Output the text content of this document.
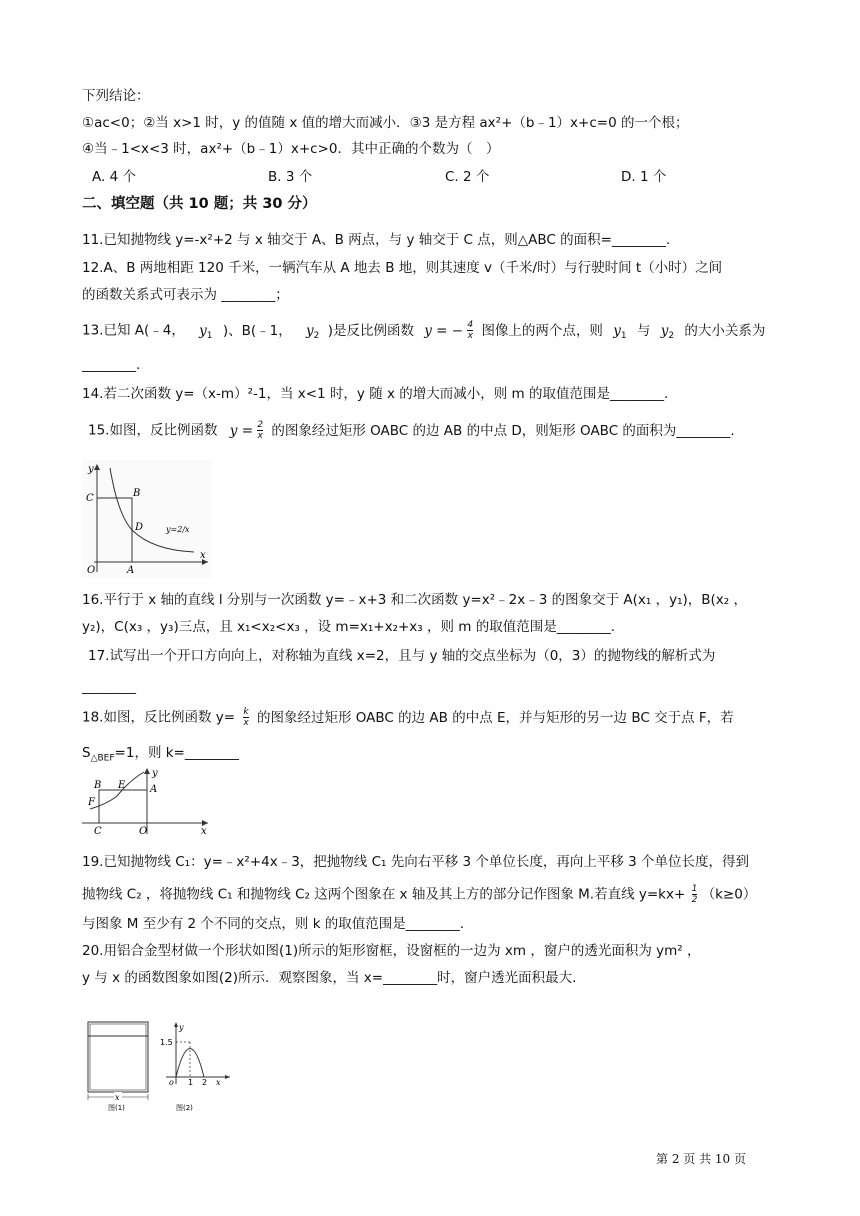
下列结论：
①ac<0；②当 x>1 时，y 的值随 x 值的增大而减小．③3 是方程 ax²+（b﹣1）x+c=0 的一个根；
④当﹣1<x<3 时，ax²+（b﹣1）x+c>0．其中正确的个数为（　）
A. 4 个	B. 3 个	C. 2 个	D. 1 个
二、填空题（共 10 题；共 30 分）
11.已知抛物线 y=-x²+2 与 x 轴交于 A、B 两点，与 y 轴交于 C 点，则△ABC 的面积=________.
12.A、B 两地相距 120 千米，一辆汽车从 A 地去 B 地，则其速度 v（千米/时）与行驶时间 t（小时）之间
的函数关系式可表示为 ________；
13.已知 A(﹣4， $y_1$ )、B(﹣1， $y_2$ )是反比例函数 y = − $\frac{4}{x}$ 图像上的两个点，则 $y_1$ 与 $y_2$ 的大小关系为
________.
14.若二次函数 y=（x-m）²-1，当 x<1 时，y 随 x 的增大而减小，则 m 的取值范围是________.
15.如图，反比例函数 $y = \frac{2}{x}$ 的图象经过矩形 OABC 的边 AB 的中点 D，则矩形 OABC 的面积为________.
y
x
C	B
D
O	A
y=2/x
16.平行于 x 轴的直线 l 分别与一次函数 y=﹣x+3 和二次函数 y=x²﹣2x﹣3 的图象交于 A(x₁ ，y₁)，B(x₂ ，
y₂)，C(x₃ ，y₃)三点，且 x₁<x₂<x₃ ，设 m=x₁+x₂+x₃ ，则 m 的取值范围是________.
17.试写出一个开口方向向上，对称轴为直线 x=2，且与 y 轴的交点坐标为（0，3）的抛物线的解析式为
________
18.如图，反比例函数 $y= \frac{k}{x}$ 的图象经过矩形 OABC 的边 AB 的中点 E，并与矩形的另一边 BC 交于点 F，若
$S_{\triangle BEF}=1$，则 k=________
y
x
B E A
F
C	O
19.已知抛物线 C₁：y=﹣x²+4x﹣3，把抛物线 C₁ 先向右平移 3 个单位长度，再向上平移 3 个单位长度，得到
抛物线 C₂ ，将抛物线 C₁ 和抛物线 C₂ 这两个图象在 x 轴及其上方的部分记作图象 M.若直线 $y=kx+ \frac{1}{2} (k\ge 0)$
与图象 M 至少有 2 个不同的交点，则 k 的取值范围是________.
20.用铝合金型材做一个形状如图(1)所示的矩形窗框，设窗框的一边为 xm ，窗户的透光面积为 ym² ，
y 与 x 的函数图象如图(2)所示．观察图象，当 x=________时，窗户透光面积最大.
x
图(1)
y
1.5
o 1 2 x
图(2)
第 2 页 共 10 页
